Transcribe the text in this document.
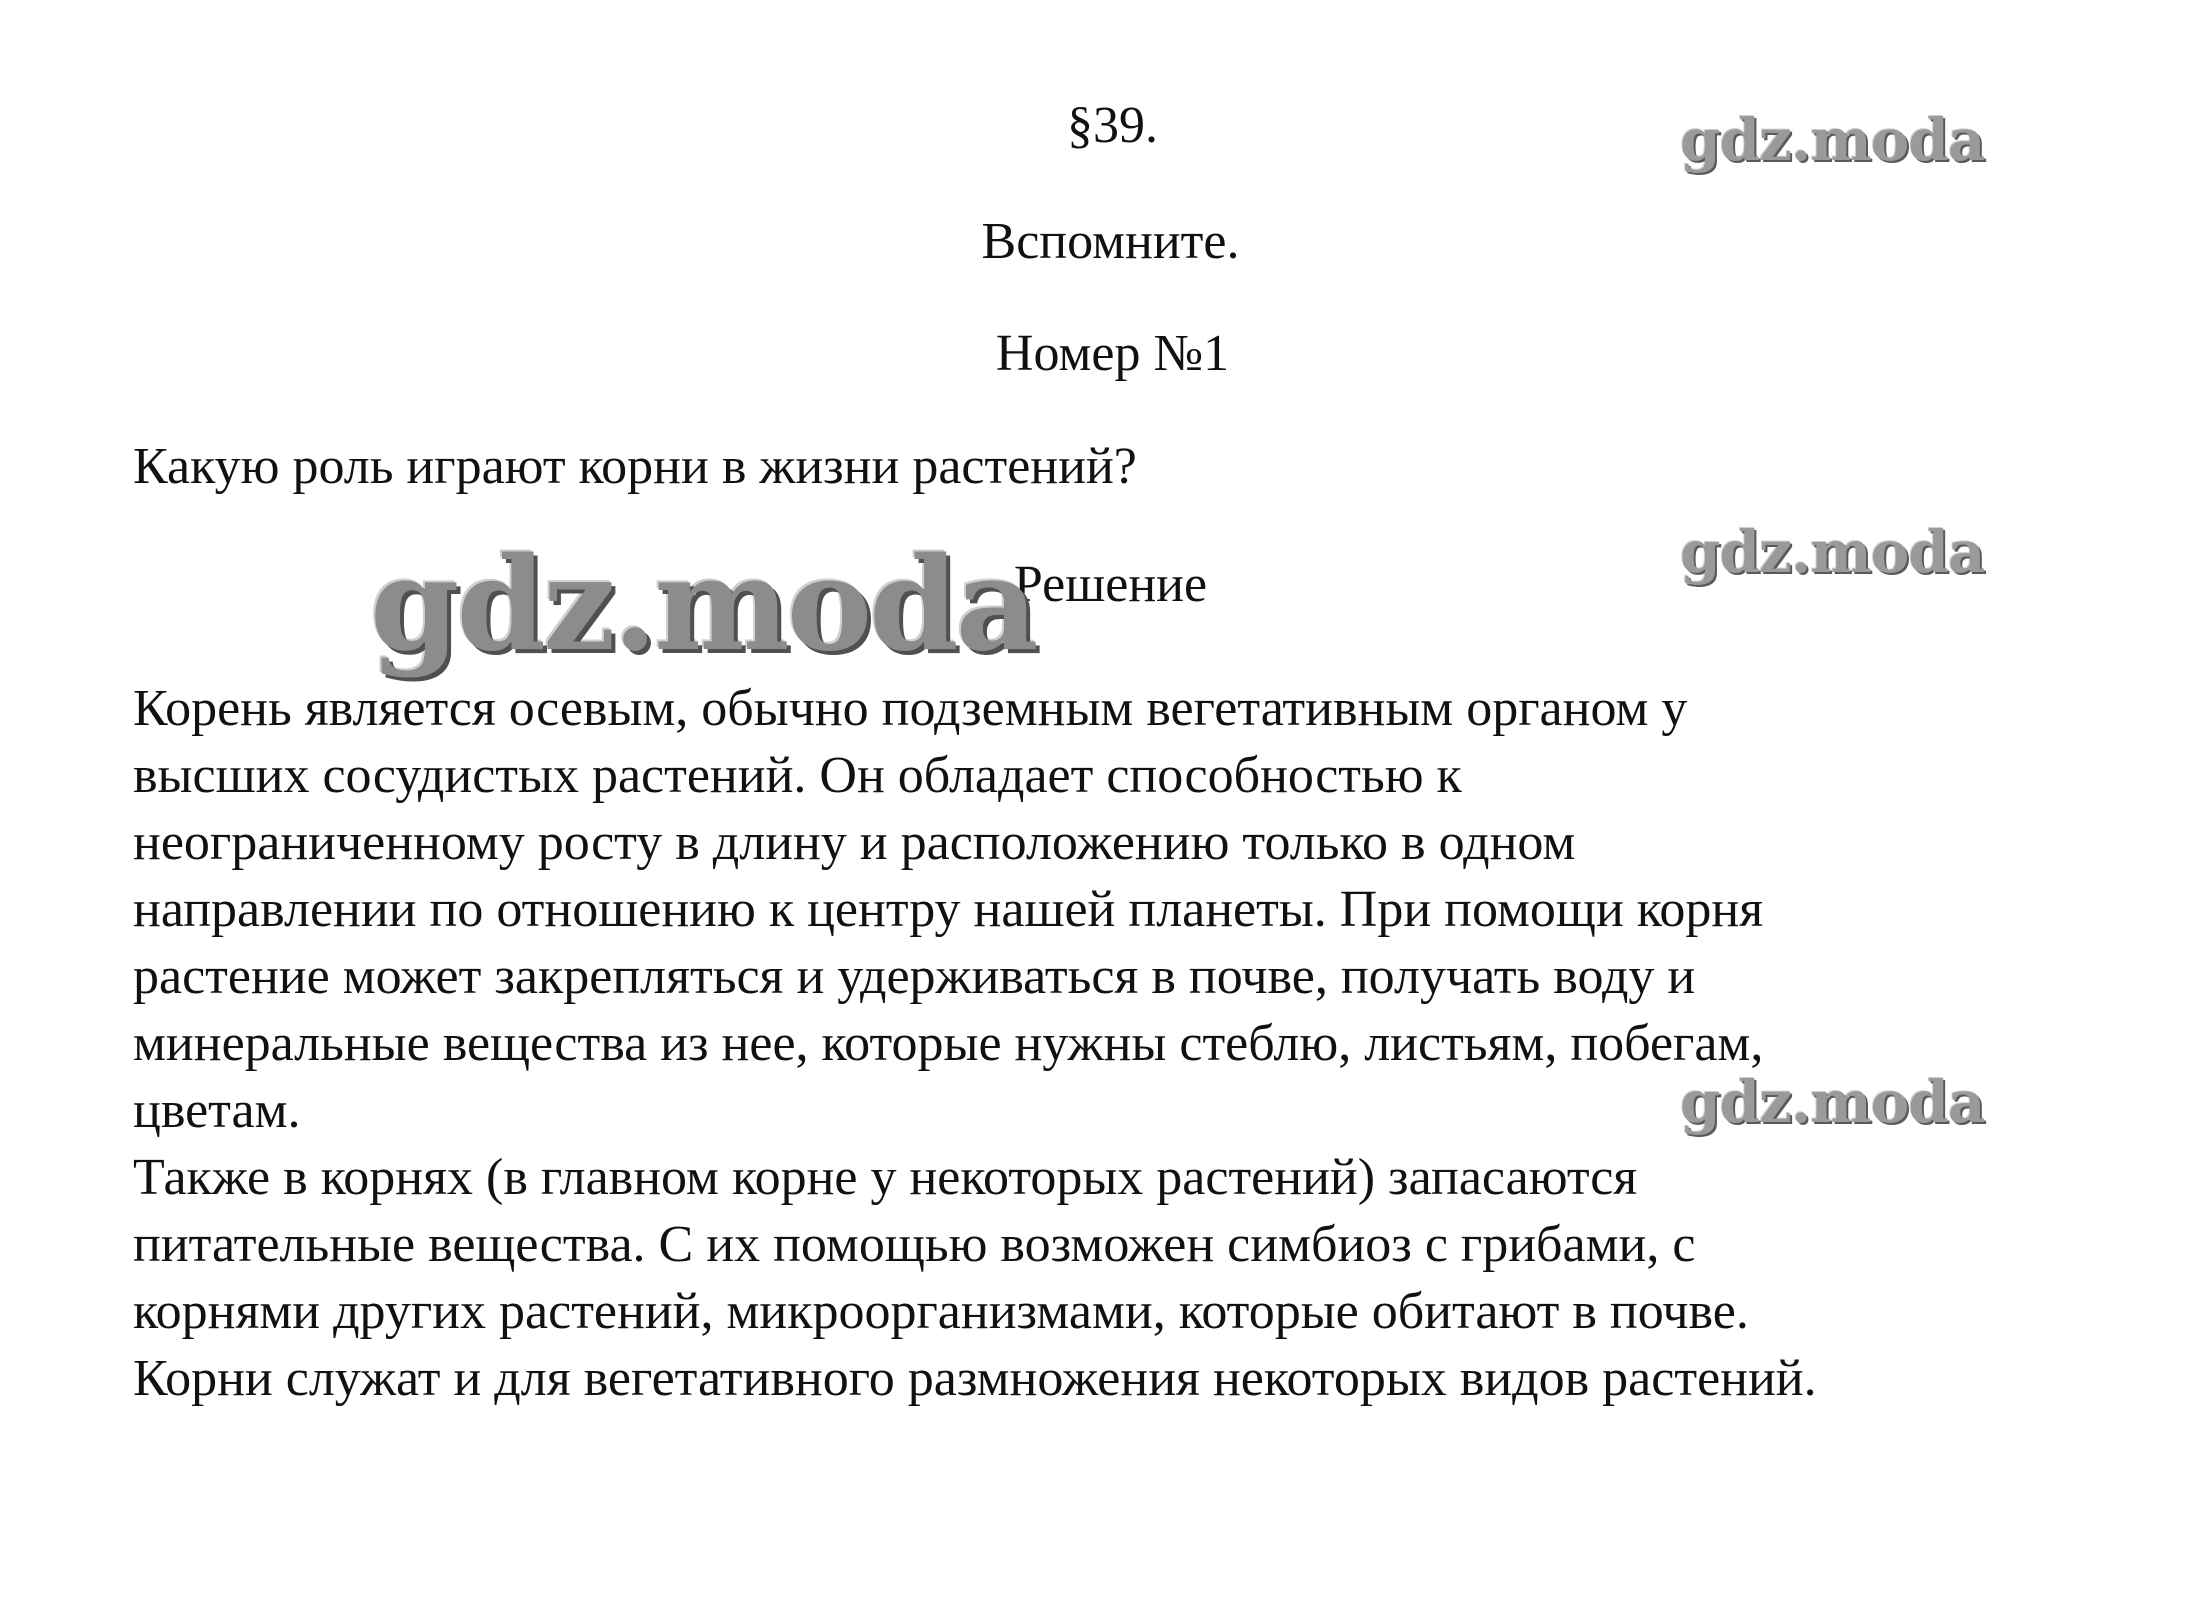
§39.
Вспомните.
Номер №1
Какую роль играют корни в жизни растений?
Решение
Корень является осевым, обычно подземным вегетативным органом у
высших сосудистых растений. Он обладает способностью к
неограниченному росту в длину и расположению только в одном
направлении по отношению к центру нашей планеты. При помощи корня
растение может закрепляться и удерживаться в почве, получать воду и
минеральные вещества из нее, которые нужны стеблю, листьям, побегам,
цветам.
Также в корнях (в главном корне у некоторых растений) запасаются
питательные вещества. С их помощью возможен симбиоз с грибами, с
корнями других растений, микроорганизмами, которые обитают в почве.
Корни служат и для вегетативного размножения некоторых видов растений.
gdz.moda
gdz.moda
gdz.moda
gdz.moda
